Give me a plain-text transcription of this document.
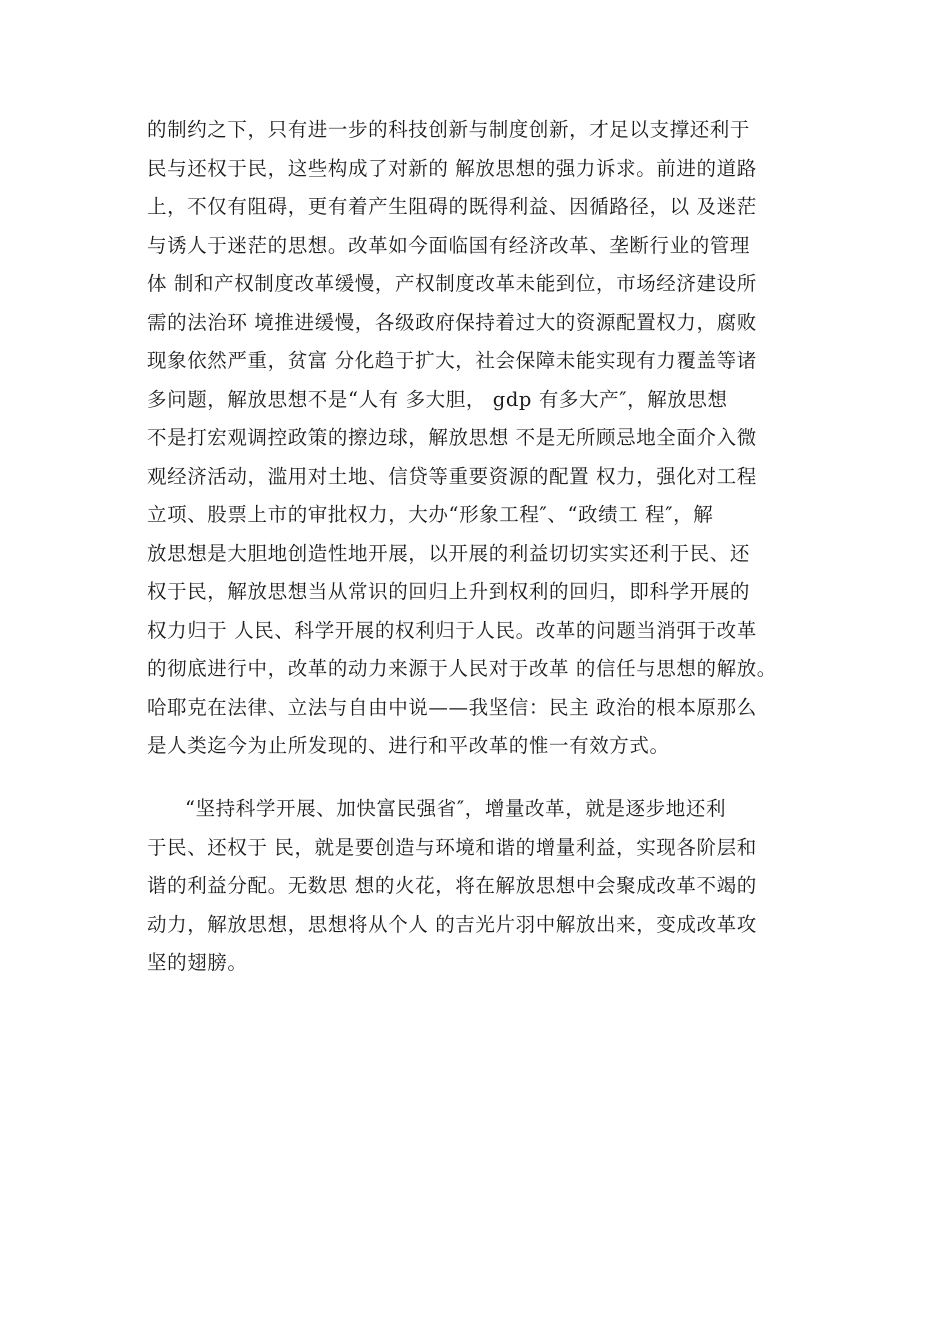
的制约之下，只有进一步的科技创新与制度创新，才足以支撑还利于
民与还权于民，这些构成了对新的 解放思想的强力诉求。前进的道路
上，不仅有阻碍，更有着产生阻碍的既得利益、因循路径，以 及迷茫
与诱人于迷茫的思想。改革如今面临国有经济改革、垄断行业的管理
体 制和产权制度改革缓慢，产权制度改革未能到位，市场经济建设所
需的法治环 境推进缓慢，各级政府保持着过大的资源配置权力，腐败
现象依然严重，贫富 分化趋于扩大，社会保障未能实现有力覆盖等诸
多问题，解放思想不是“人有 多大胆， gdp 有多大产″，解放思想
不是打宏观调控政策的擦边球，解放思想 不是无所顾忌地全面介入微
观经济活动，滥用对土地、信贷等重要资源的配置 权力，强化对工程
立项、股票上市的审批权力，大办“形象工程″、“政绩工 程″，解
放思想是大胆地创造性地开展，以开展的利益切切实实还利于民、还
权于民，解放思想当从常识的回归上升到权利的回归，即科学开展的
权力归于 人民、科学开展的权利归于人民。改革的问题当消弭于改革
的彻底进行中，改革的动力来源于人民对于改革 的信任与思想的解放。
哈耶克在法律、立法与自由中说——我坚信：民主 政治的根本原那么
是人类迄今为止所发现的、进行和平改革的惟一有效方式。
“坚持科学开展、加快富民强省″，增量改革，就是逐步地还利
于民、还权于 民，就是要创造与环境和谐的增量利益，实现各阶层和
谐的利益分配。无数思 想的火花，将在解放思想中会聚成改革不竭的
动力，解放思想，思想将从个人 的吉光片羽中解放出来，变成改革攻
坚的翅膀。
